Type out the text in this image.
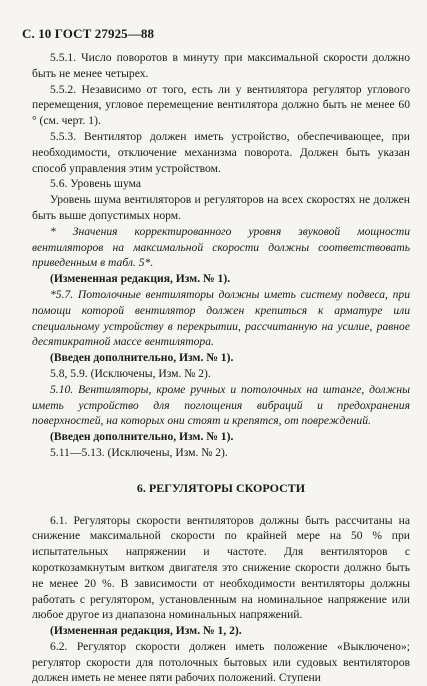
С. 10 ГОСТ 27925—88

5.5.1. Число поворотов в минуту при максимальной скорости должно быть не менее четырех.

5.5.2. Независимо от того, есть ли у вентилятора регулятор углового перемещения, угловое перемещение вентилятора должно быть не менее 60 ° (см. черт. 1).

5.5.3. Вентилятор должен иметь устройство, обеспечивающее, при необходимости, отключение механизма поворота. Должен быть указан способ управления этим устройством.

5.6. Уровень шума

Уровень шума вентиляторов и регуляторов на всех скоростях не должен быть выше допустимых норм.

* Значения корректированного уровня звуковой мощности вентиляторов на максимальной скорости должны соответствовать приведенным в табл. 5*.

(Измененная редакция, Изм. № 1).

*5.7. Потолочные вентиляторы должны иметь систему подвеса, при помощи которой вентилятор должен крепиться к арматуре или специальному устройству в перекрытии, рассчитанную на усилие, равное десятикратной массе вентилятора.

(Введен дополнительно, Изм. № 1).

5.8, 5.9. (Исключены, Изм. № 2).

5.10. Вентиляторы, кроме ручных и потолочных на штанге, должны иметь устройство для поглощения вибраций и предохранения поверхностей, на которых они стоят и крепятся, от повреждений.

(Введен дополнительно, Изм. № 1).

5.11—5.13. (Исключены, Изм. № 2).

6. РЕГУЛЯТОРЫ СКОРОСТИ

6.1. Регуляторы скорости вентиляторов должны быть рассчитаны на снижение максимальной скорости по крайней мере на 50 % при испытательных напряжении и частоте. Для вентиляторов с короткозамкнутым витком двигателя это снижение скорости должно быть не менее 20 %. В зависимости от необходимости вентиляторы должны работать с регулятором, установленным на номинальное напряжение или любое другое из диапазона номинальных напряжений.

(Измененная редакция, Изм. № 1, 2).

6.2. Регулятор скорости должен иметь положение «Выключено»; регулятор скорости для потолочных бытовых или судовых вентиляторов должен иметь не менее пяти рабочих положений. Ступени
